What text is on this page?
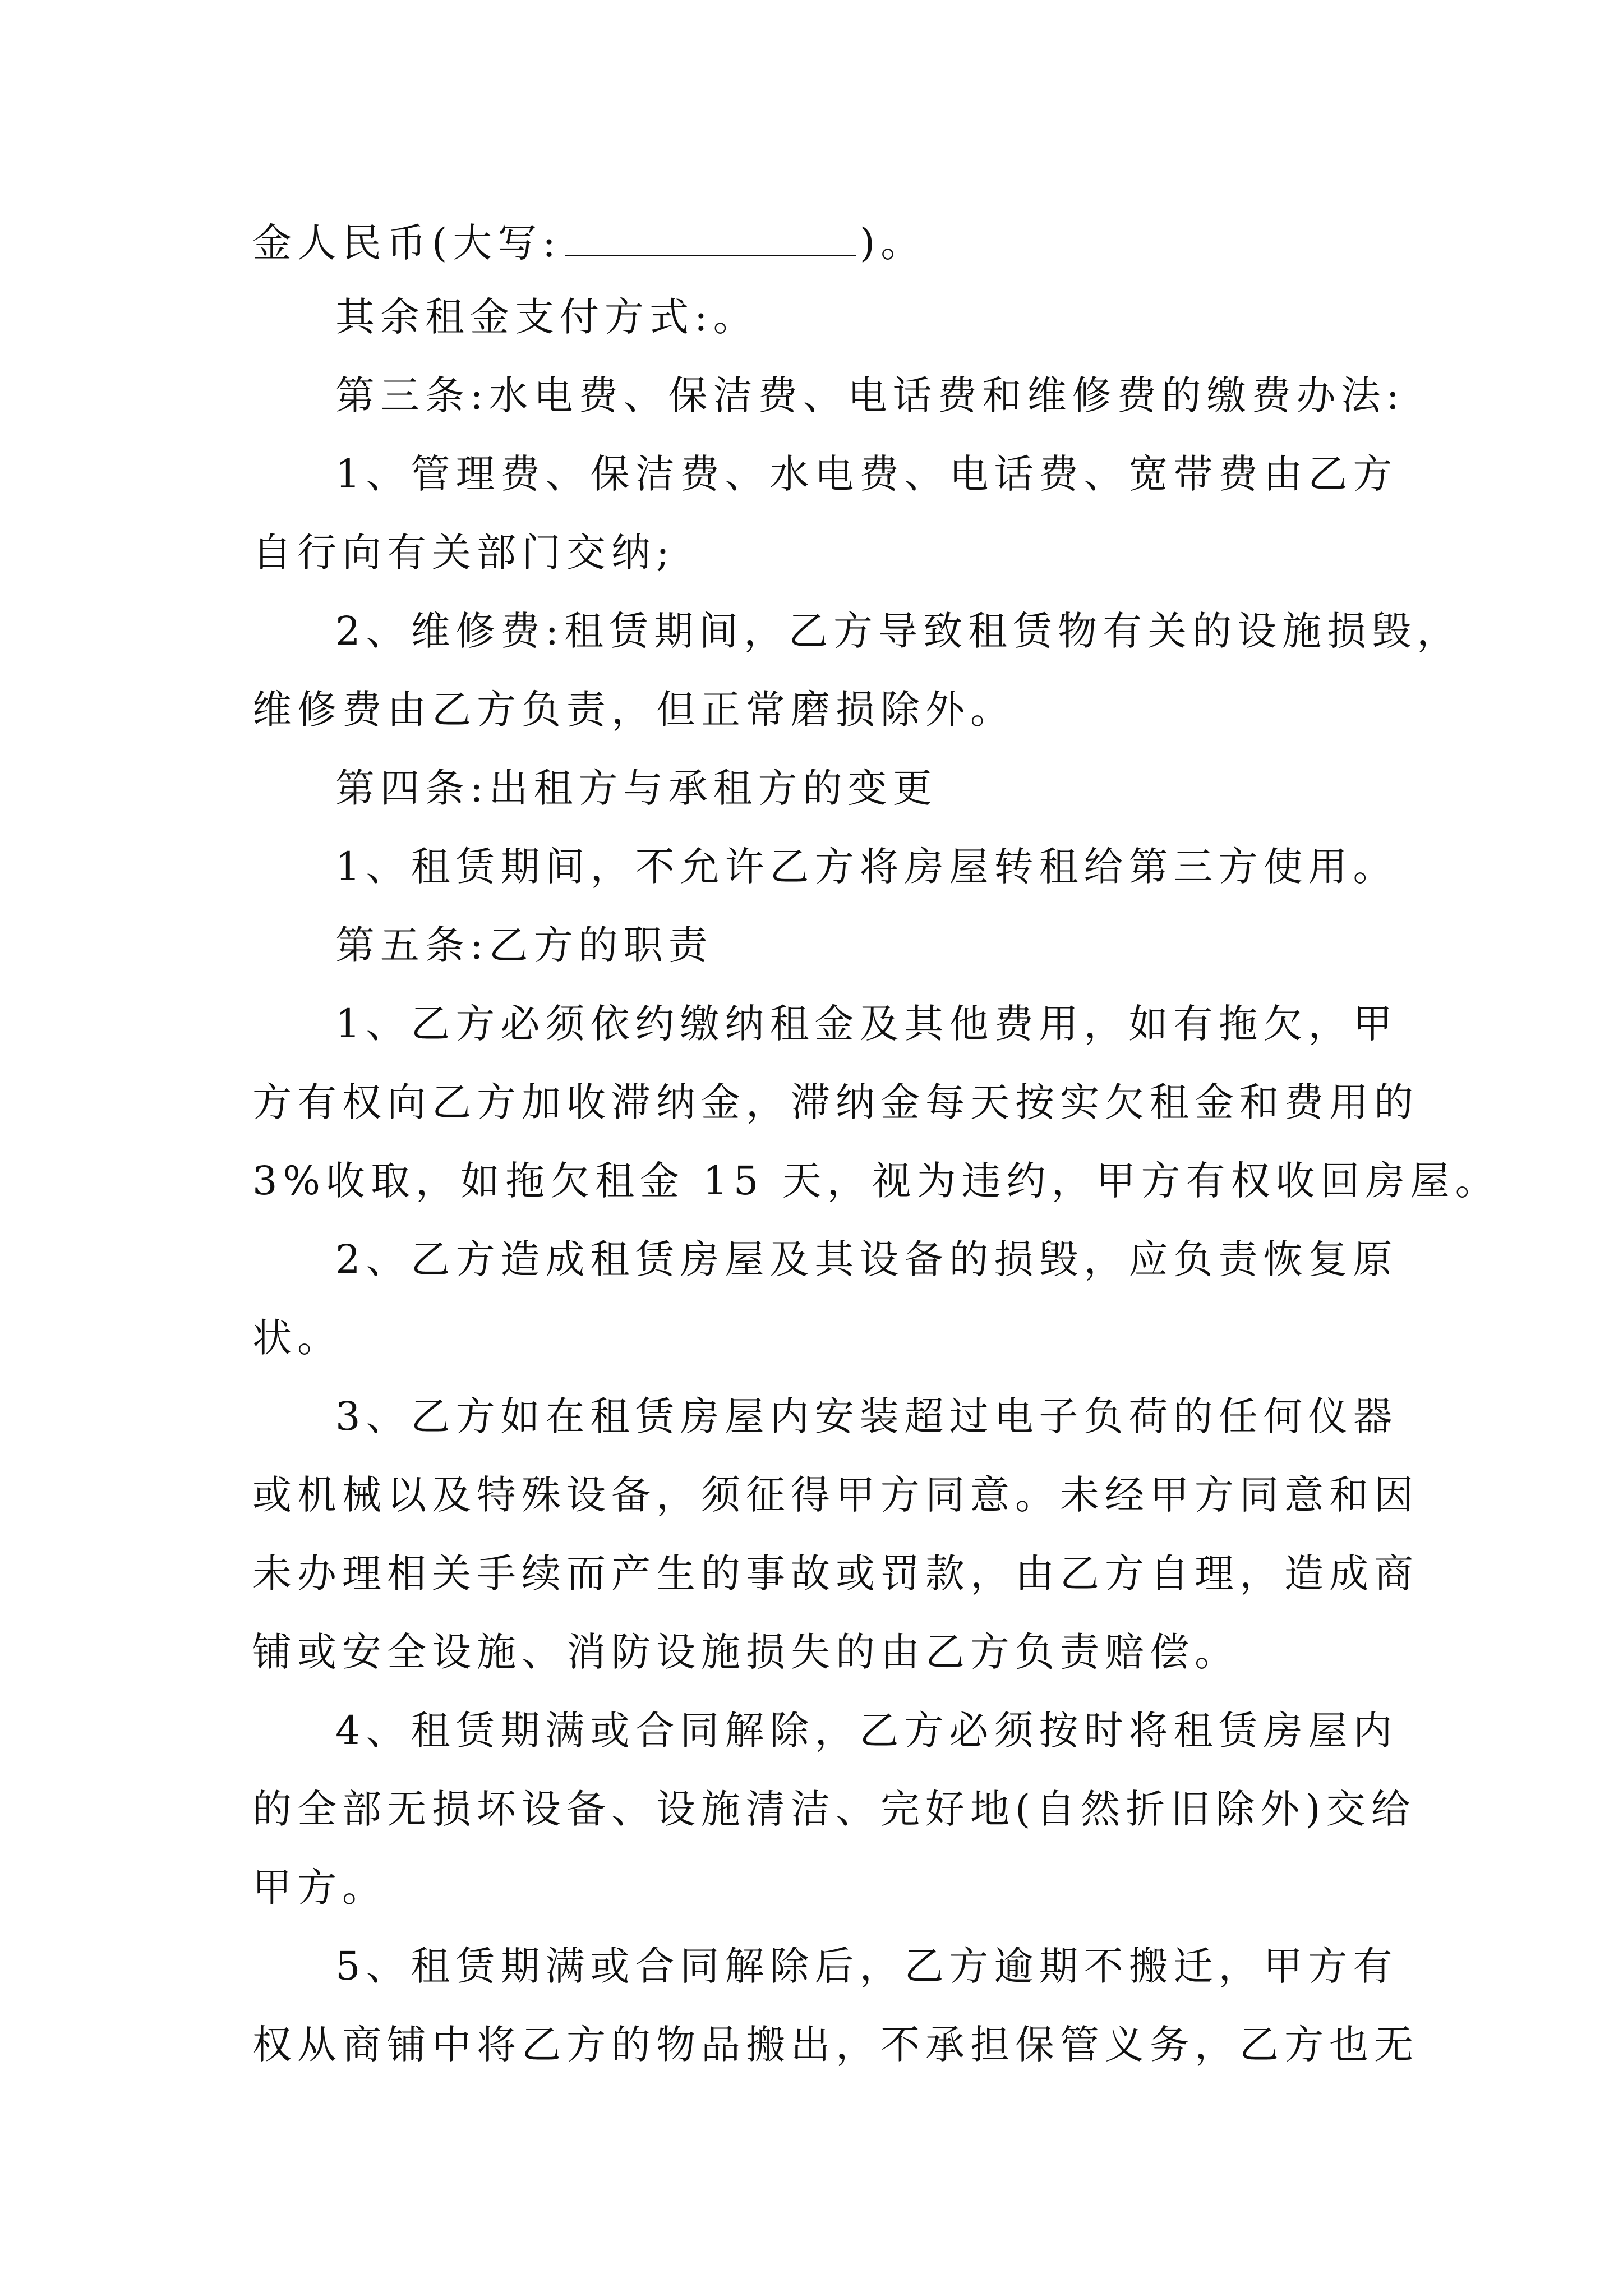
金人民币(大写:	)。
其余租金支付方式:。
第三条:水电费、保洁费、电话费和维修费的缴费办法:
1、管理费、保洁费、水电费、电话费、宽带费由乙方
自行向有关部门交纳;
2、维修费:租赁期间，乙方导致租赁物有关的设施损毁，
维修费由乙方负责，但正常磨损除外。
第四条:出租方与承租方的变更
1、租赁期间，不允许乙方将房屋转租给第三方使用。
第五条:乙方的职责
1、乙方必须依约缴纳租金及其他费用，如有拖欠，甲
方有权向乙方加收滞纳金，滞纳金每天按实欠租金和费用的
3%收取，如拖欠租金 15 天，视为违约，甲方有权收回房屋。
2、乙方造成租赁房屋及其设备的损毁，应负责恢复原
状。
3、乙方如在租赁房屋内安装超过电子负荷的任何仪器
或机械以及特殊设备，须征得甲方同意。未经甲方同意和因
未办理相关手续而产生的事故或罚款，由乙方自理，造成商
铺或安全设施、消防设施损失的由乙方负责赔偿。
4、租赁期满或合同解除，乙方必须按时将租赁房屋内
的全部无损坏设备、设施清洁、完好地(自然折旧除外)交给
甲方。
5、租赁期满或合同解除后，乙方逾期不搬迁，甲方有
权从商铺中将乙方的物品搬出，不承担保管义务，乙方也无
